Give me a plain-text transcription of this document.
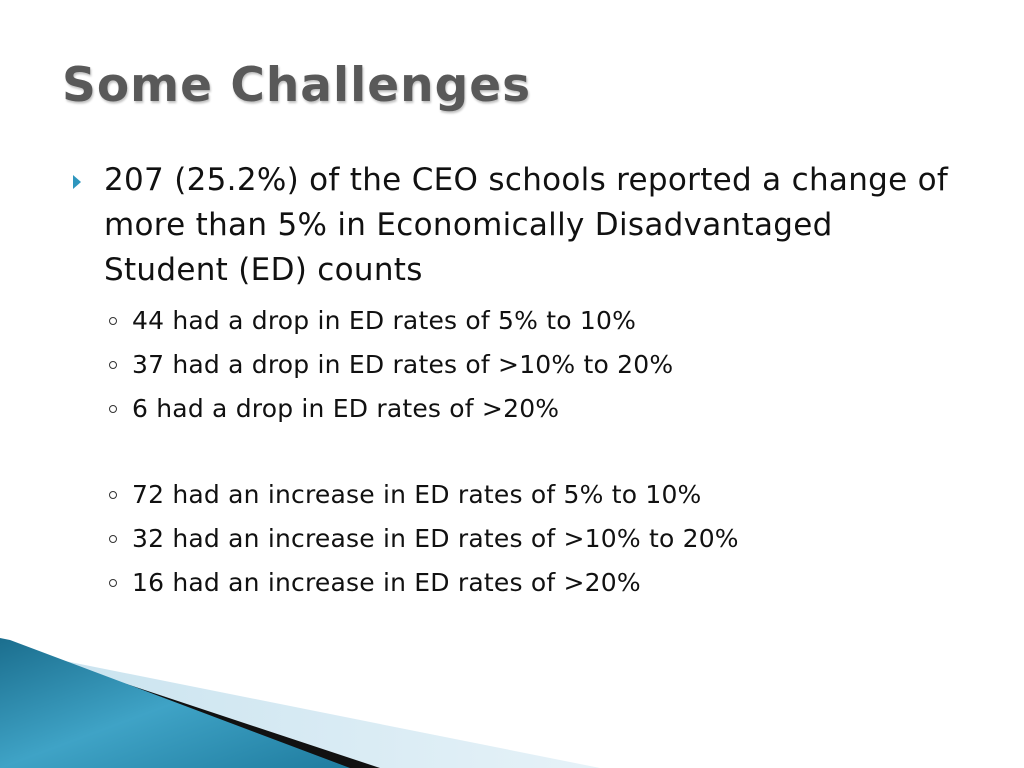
Some Challenges
207 (25.2%) of the CEO schools reported a change of more than 5% in Economically Disadvantaged Student (ED) counts
44 had a drop in ED rates of 5% to 10%
37 had a drop in ED rates of >10% to 20%
6 had a drop in ED rates of >20%
72 had an increase in ED rates of 5% to 10%
32 had an increase in ED rates of >10% to 20%
16 had an increase in ED rates of >20%
